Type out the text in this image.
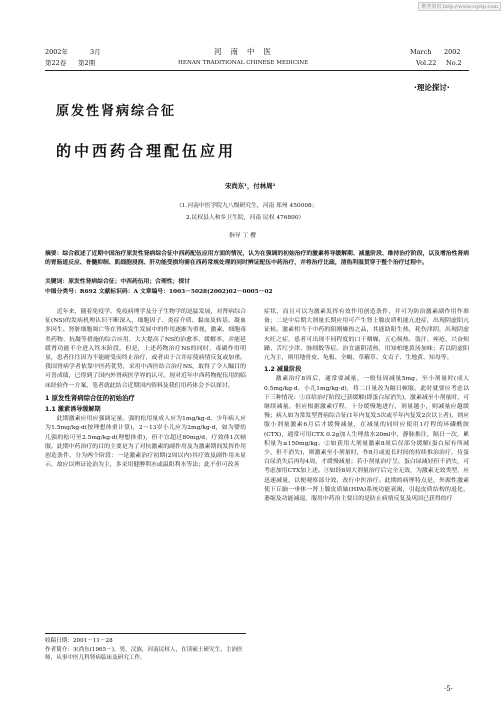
维普资讯 http://www.cqvip.com
2002年	3月	河南中医	March 2002
第22卷 第2期	HENAN TRADITIONAL CHINESE MEDICINE	Vol.22 No.2
·理论探讨·
原发性肾病综合征
的中西药合理配伍应用
宋尚东¹，付林周²
（1.河南中医学院九八级研究生，河南 郑州 450008；
2.民权县人和乡卫生院，河南 民权 476800）
指导 丁 樱
摘要：综合叙述了近期中国治疗原发性肾病综合征中西药配伍应用方面的情况，认为在强调的初始治疗的激素将导缓解期、减量阶段、维持治疗阶段，以及增治性肾病的胃肠道反应、骨髓抑制、肌细胞浸润、肝功能受损均需在西药常规处理的同时辨证配伍中药治疗，并将治疗比疏，清热利湿贯穿于整个治疗过程中。
关键词：原发性肾病综合征；中西药伍用；合理性；探讨
中图分类号：R692 文献标识码：A 文章编号：1003－5028(2002)02－0005－02

近年来，随着免疫学、免疫病理学及分子生物学的迅猛发展，对肾病综合征(NS)的发病机理认识不断深入，细胞因子、炎症介质、黏血及转基、凝血多因生、肾脏细胞凋亡等在肾病发生发展中的作用逐渐为重视，激素、细胞毒类药物、抗凝等措施的综合应用，大大提高了NS的治愈率、缓解率，并能延缓肾功能不全进入终末阶段。但是，上述药物治疗NS的同时，毒副作用明显，患者往往因为不能耐受而终止治疗，或者由于合并症使病情反复或加重。我国肾病学者依靠中医药优势，采用中西医结合治疗NS，取得了令人瞩目的可喜成绩，已得到了国内外肾病医学界的认可。现对近年中西药物配伍用的临床经验作一方案，笔者就此结合近期国内资料及我们用药体会予以探讨。

1 原发性肾病综合征的初始治疗
1.1 激素诱导缓解期

此期激素应用应强调足量。强的松用量成人应为1mg/kg·d，少年病人应为1.5mg/kg·d(按理想体重计算)，2～13岁小儿应为2mg/kg·d，如为婴幼儿强的松可至2.5mg/kg·d(理想体重)，但不宜超过80mg/d，疗效体1次顿服。此期中药治疗的目的主要是为了对抗激素的副作用及为激素期间发挥作用创造条件，分为两个阶段：一是激素治疗初期(2周以内)其疗效及副作用未显示，故应以辨证论治为主，多采用健脾利水或温阳利水等法；此不但可改善

症状，而且可以为激素发挥有效作用创造条件，并可为防治激素副作用作准备；二是中后期大剂量长期应用可产生肾上腺皮质机能亢进症，出现阴虚阳亢证候。激素相当于中药的阳刚燥热之品，其能助阳生热，耗伤津阴，出现阴虚火旺之症，患者可出现不同程度的口干咽燥、五心烦热、盗汗、痤疮、兴奋烦躁、舌红少津、脉细数等症。治宜滋阴清热，用知柏地黄汤加味；若以阴虚阳亢为主，则用地骨皮、龟板、全蝎、草薢草、女贞子、生地黄、知母等。

1.2 减量阶段

激素治疗8周后，通常要减量，一般每周减量5mg，至小剂量时(成人0.5mg/kg·d，小儿1mg/kg·d)，将二日量改为隔日顿服。此时就要应考虑以下三种情况：①首给治疗阶段已获缓解(即蛋白尿消失)，激素减至小剂量时，可继续减量，但应根据激素疗程，十分缓慢地进行，剂量越小，则减量应越缓慢；病人如为常发型肾病综合征(1年内复发3次或半年内复发2次以上者)，则应服小剂量激素6月后才缓慢减量，在减量的同时应使用1疗程的环磷酰胺(CTX)，通常可用CTX 0.2g加人生理盐水20ml中，静脉推注，隔日一次，累积量为≤150mg/kg。②如获用大剂量激素8周后仅部分缓解(蛋白尿有所减少，但不消失)，则激素至小剂量时，作8月或更长时间的持续推治治疗，待蛋白尿消失后再每4周，才缓慢减量；若小剂量治疗呈，蛋白尿减轻但不消失，可考虑加用CTX加上述。③如经8周大剂量治疗后完全无效，为激素无效类型，应迅速减量，以便观察部分效，改行中医治疗。此期的病理特点是，外源性激素使下丘脑一垂体一肾上腺皮质轴(HPA)系统功能衰竭，引起皮质结构的退化，萎缩及功能减退，服用中药治主要目的是防止病情反复及巩固已获得的疗

收稿日期：2001－11－28
作者简介：宋尚东(1965－)，男，汉族，河南民权人，在读硕士研究生，主治医师，从事中医儿科肾病临床及研究工作。
·5·
